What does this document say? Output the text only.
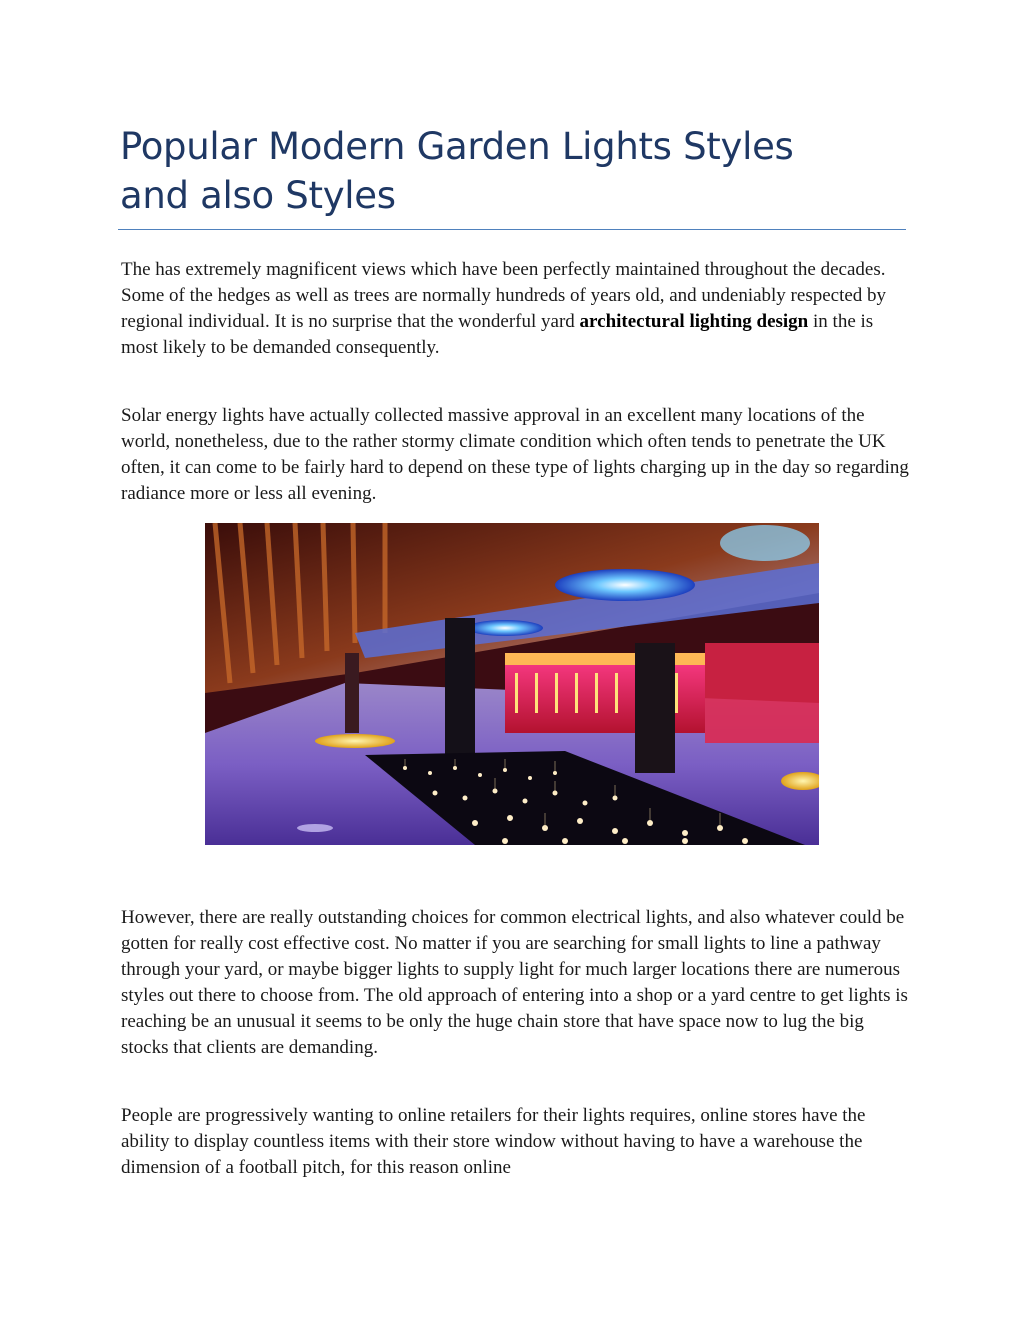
Popular Modern Garden Lights Styles
and also Styles

The has extremely magnificent views which have been perfectly maintained throughout the decades. Some of the hedges as well as trees are normally hundreds of years old, and undeniably respected by regional individual. It is no surprise that the wonderful yard architectural lighting design in the is most likely to be demanded consequently.

Solar energy lights have actually collected massive approval in an excellent many locations of the world, nonetheless, due to the rather stormy climate condition which often tends to penetrate the UK often, it can come to be fairly hard to depend on these type of lights charging up in the day so regarding radiance more or less all evening.

However, there are really outstanding choices for common electrical lights, and also whatever could be gotten for really cost effective cost. No matter if you are searching for small lights to line a pathway through your yard, or maybe bigger lights to supply light for much larger locations there are numerous styles out there to choose from. The old approach of entering into a shop or a yard centre to get lights is reaching be an unusual it seems to be only the huge chain store that have space now to lug the big stocks that clients are demanding.

People are progressively wanting to online retailers for their lights requires, online stores have the ability to display countless items with their store window without having to have a warehouse the dimension of a football pitch, for this reason online
